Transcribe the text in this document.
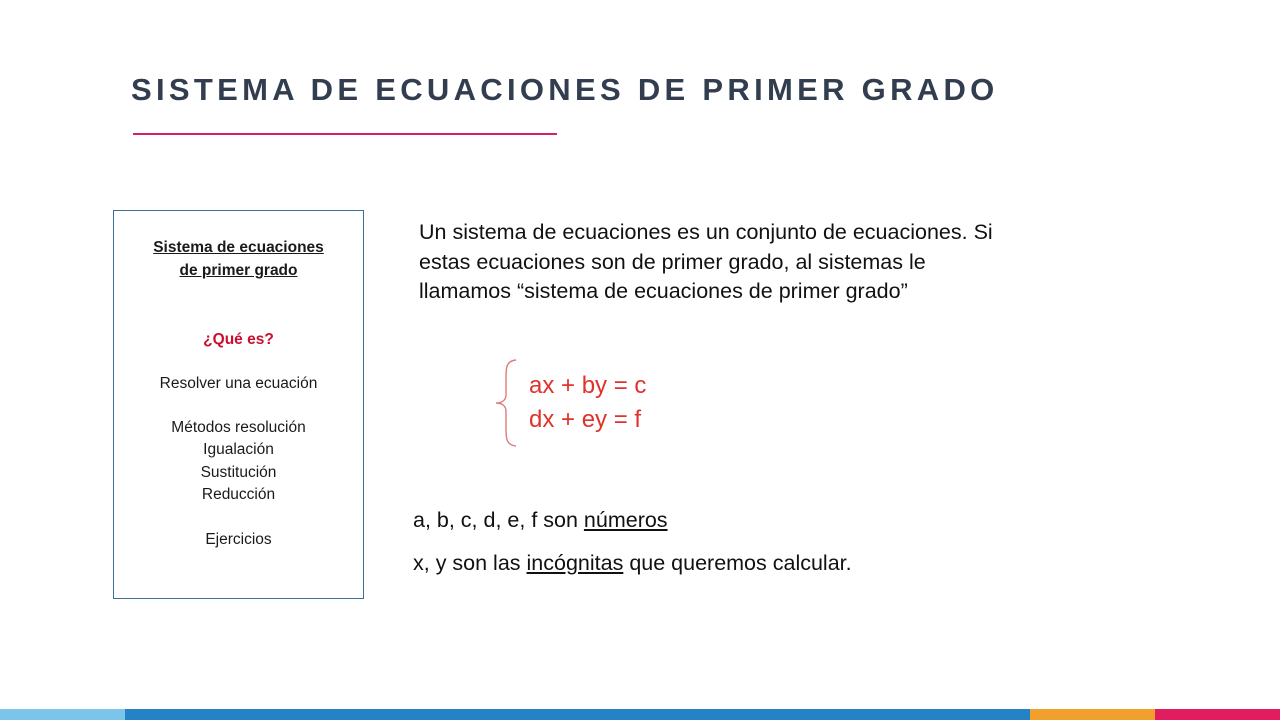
SISTEMA DE ECUACIONES DE PRIMER GRADO
Sistema de ecuaciones
de primer grado
¿Qué es?
Resolver una ecuación
Métodos resolución
Igualación
Sustitución
Reducción
Ejercicios
Un sistema de ecuaciones es un conjunto de ecuaciones. Si
estas ecuaciones son de primer grado, al sistemas le
llamamos “sistema de ecuaciones de primer grado”
ax + by = c
dx + ey = f
a, b, c, d, e, f son números
x, y son las incógnitas que queremos calcular.
